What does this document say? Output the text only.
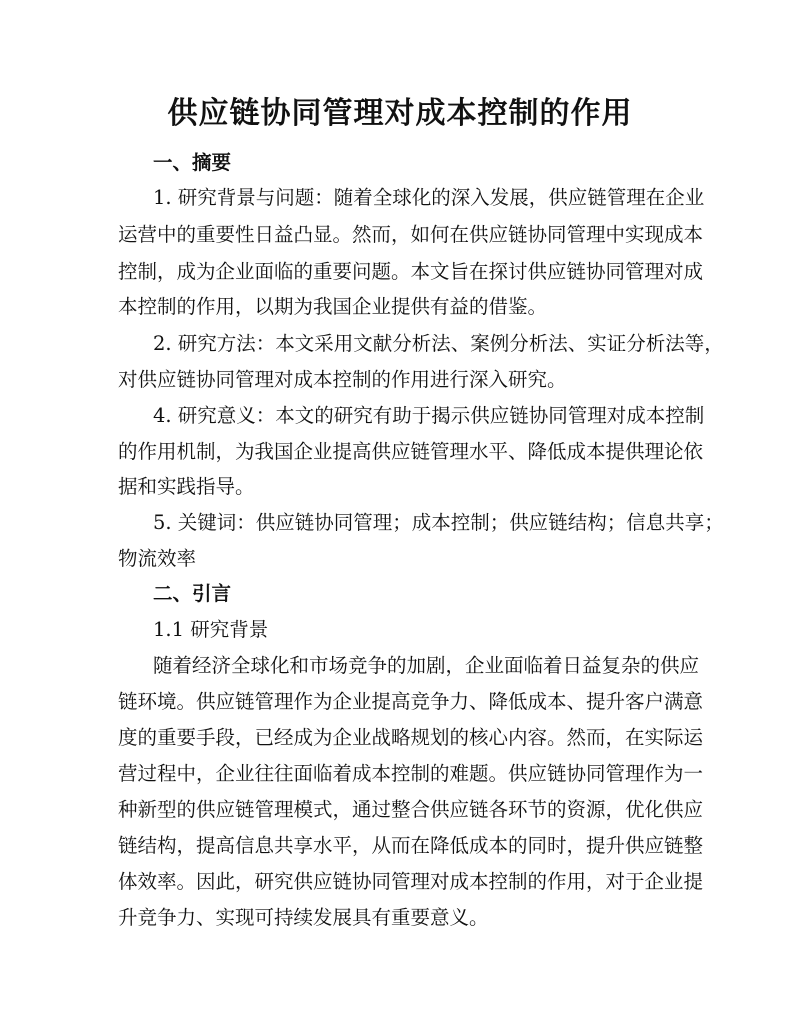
供应链协同管理对成本控制的作用
一、摘要
1. 研究背景与问题：随着全球化的深入发展，供应链管理在企业
运营中的重要性日益凸显。然而，如何在供应链协同管理中实现成本
控制，成为企业面临的重要问题。本文旨在探讨供应链协同管理对成
本控制的作用，以期为我国企业提供有益的借鉴。
2. 研究方法：本文采用文献分析法、案例分析法、实证分析法等，
对供应链协同管理对成本控制的作用进行深入研究。
4. 研究意义：本文的研究有助于揭示供应链协同管理对成本控制
的作用机制，为我国企业提高供应链管理水平、降低成本提供理论依
据和实践指导。
5. 关键词：供应链协同管理；成本控制；供应链结构；信息共享；
物流效率
二、引言
1.1 研究背景
随着经济全球化和市场竞争的加剧，企业面临着日益复杂的供应
链环境。供应链管理作为企业提高竞争力、降低成本、提升客户满意
度的重要手段，已经成为企业战略规划的核心内容。然而，在实际运
营过程中，企业往往面临着成本控制的难题。供应链协同管理作为一
种新型的供应链管理模式，通过整合供应链各环节的资源，优化供应
链结构，提高信息共享水平，从而在降低成本的同时，提升供应链整
体效率。因此，研究供应链协同管理对成本控制的作用，对于企业提
升竞争力、实现可持续发展具有重要意义。
